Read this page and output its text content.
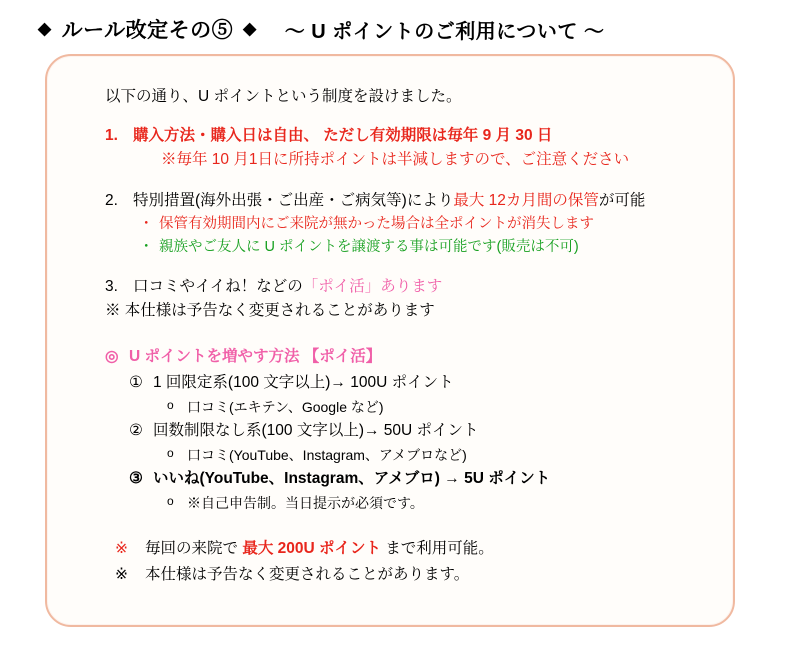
◆ ルール改定その⑤ ◆ ～ U ポイントのご利用について ～
以下の通り、U ポイントという制度を設けました。
1. 購入方法・購入日は自由、 ただし有効期限は毎年 9 月 30 日
※毎年 10 月1日に所持ポイントは半減しますので、ご注意ください
2. 特別措置(海外出張・ご出産・ご病気等)により最大 12カ月間の保管が可能
・ 保管有効期間内にご来院が無かった場合は全ポイントが消失します
・ 親族やご友人に U ポイントを譲渡する事は可能です(販売は不可)
3. 口コミやイイね！などの「ポイ活」あります
※ 本仕様は予告なく変更されることがあります
◎ U ポイントを増やす方法 【ポイ活】
① 1 回限定系(100 文字以上)→ 100U ポイント
o 口コミ(エキテン、Google など)
② 回数制限なし系(100 文字以上)→ 50U ポイント
o 口コミ(YouTube、Instagram、アメブロなど)
③ いいね(YouTube、Instagram、アメブロ) → 5U ポイント
o ※自己申告制。当日提示が必須です。
※	毎回の来院で 最大 200U ポイント まで利用可能。
※	本仕様は予告なく変更されることがあります。
